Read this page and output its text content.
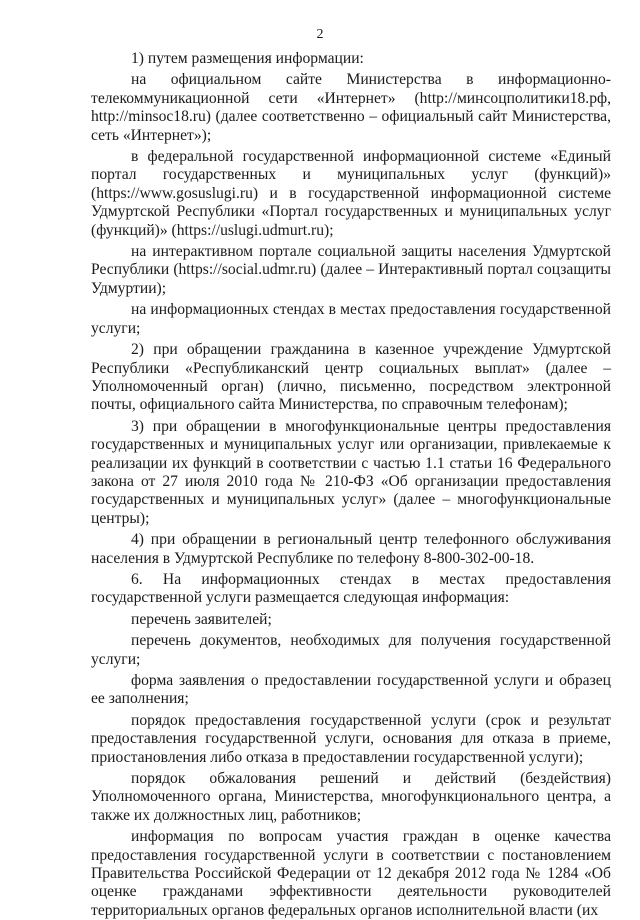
2

1) путем размещения информации:

на официальном сайте Министерства в информационно-телекоммуникационной сети «Интернет» (http://минсоцполитики18.рф, http://minsoc18.ru) (далее соответственно – официальный сайт Министерства, сеть «Интернет»);

в федеральной государственной информационной системе «Единый портал государственных и муниципальных услуг (функций)» (https://www.gosuslugi.ru) и в государственной информационной системе Удмуртской Республики «Портал государственных и муниципальных услуг (функций)» (https://uslugi.udmurt.ru);

на интерактивном портале социальной защиты населения Удмуртской Республики (https://social.udmr.ru) (далее – Интерактивный портал соцзащиты Удмуртии);

на информационных стендах в местах предоставления государственной услуги;

2) при обращении гражданина в казенное учреждение Удмуртской Республики «Республиканский центр социальных выплат» (далее – Уполномоченный орган) (лично, письменно, посредством электронной почты, официального сайта Министерства, по справочным телефонам);

3) при обращении в многофункциональные центры предоставления государственных и муниципальных услуг или организации, привлекаемые к реализации их функций в соответствии с частью 1.1 статьи 16 Федерального закона от 27 июля 2010 года № 210-ФЗ «Об организации предоставления государственных и муниципальных услуг» (далее – многофункциональные центры);

4) при обращении в региональный центр телефонного обслуживания населения в Удмуртской Республике по телефону 8-800-302-00-18.

6. На информационных стендах в местах предоставления государственной услуги размещается следующая информация:

перечень заявителей;

перечень документов, необходимых для получения государственной услуги;

форма заявления о предоставлении государственной услуги и образец ее заполнения;

порядок предоставления государственной услуги (срок и результат предоставления государственной услуги, основания для отказа в приеме, приостановления либо отказа в предоставлении государственной услуги);

порядок обжалования решений и действий (бездействия) Уполномоченного органа, Министерства, многофункционального центра, а также их должностных лиц, работников;

информация по вопросам участия граждан в оценке качества предоставления государственной услуги в соответствии с постановлением Правительства Российской Федерации от 12 декабря 2012 года № 1284 «Об оценке гражданами эффективности деятельности руководителей территориальных органов федеральных органов исполнительной власти (их
